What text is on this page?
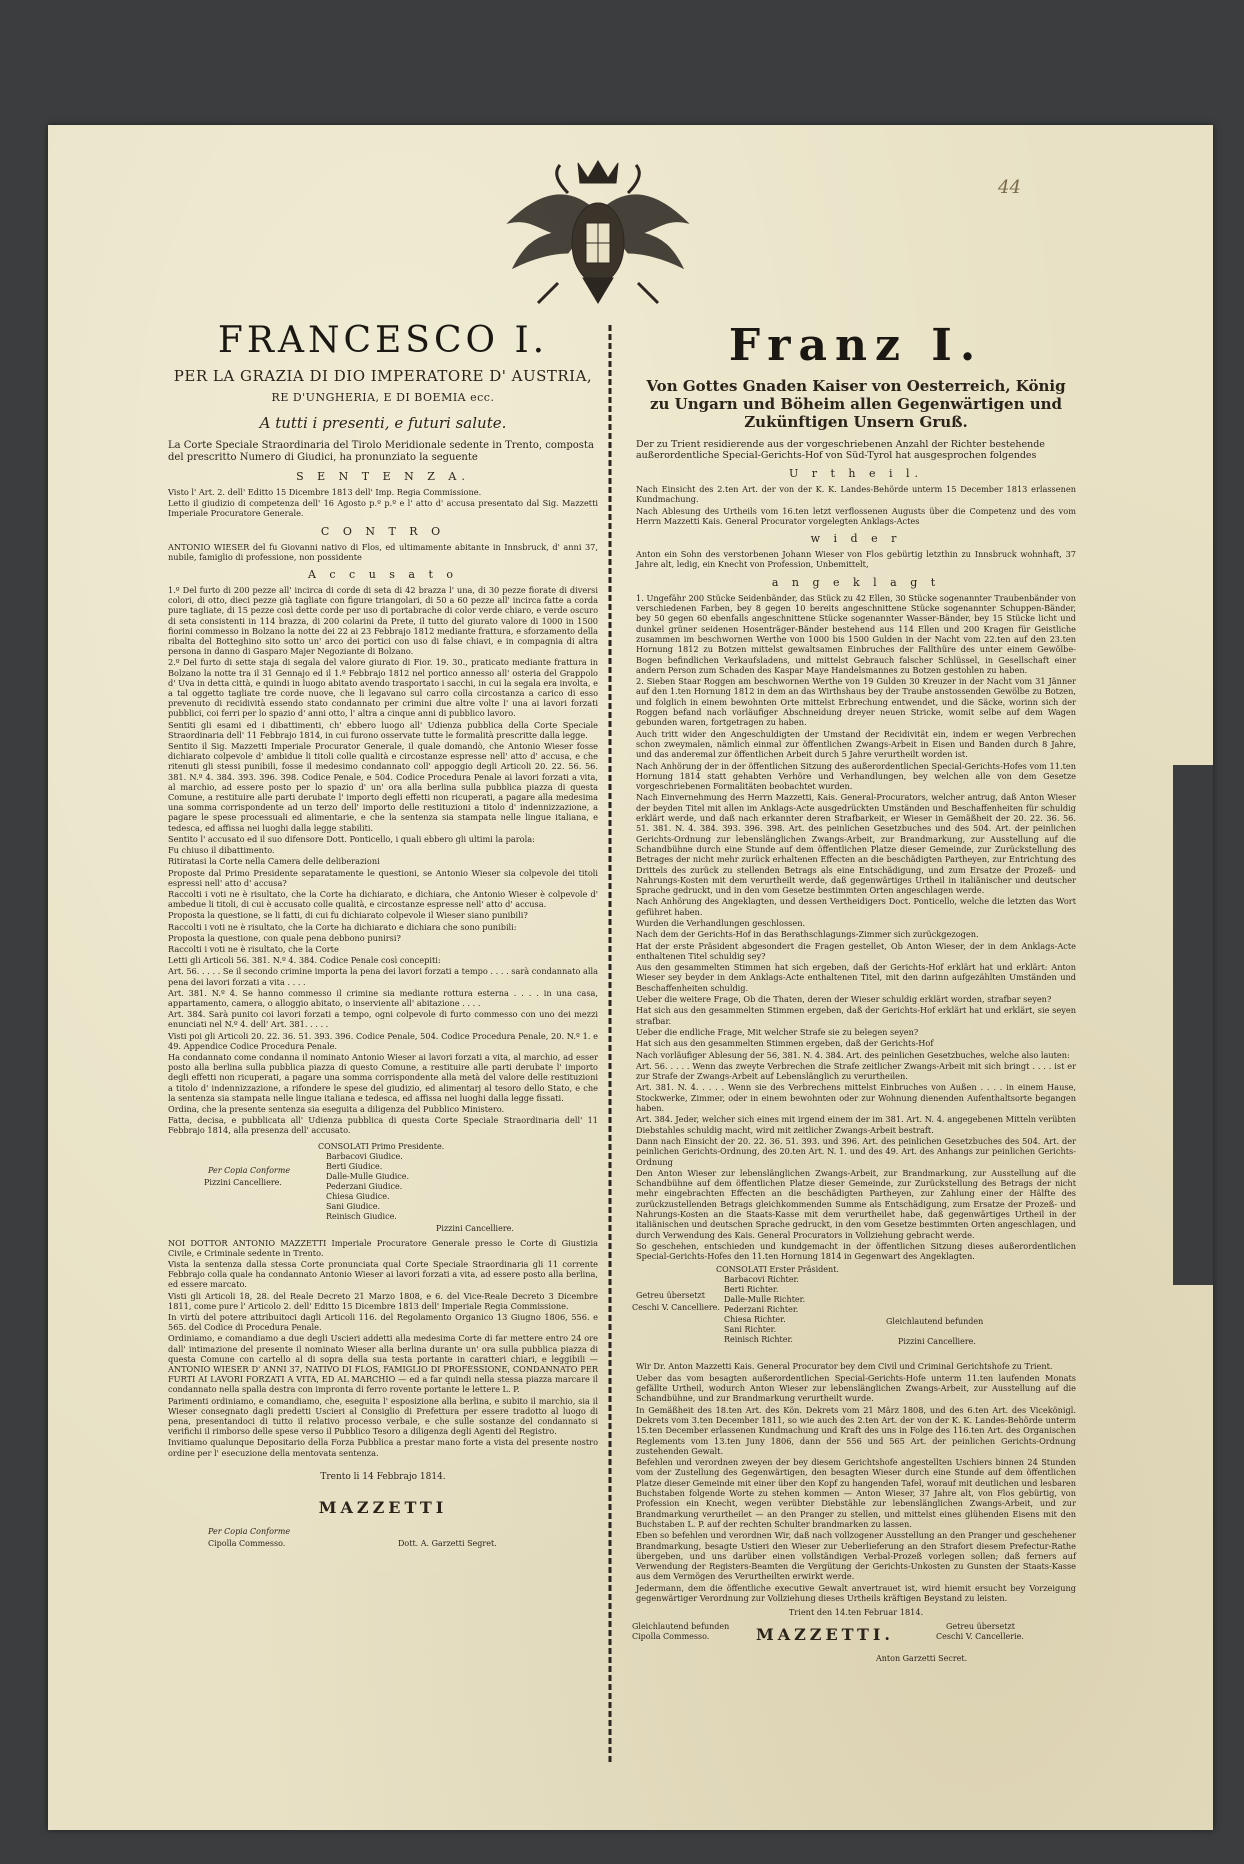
44
FRANCESCO I.

PER LA GRAZIA DI DIO IMPERATORE D' AUSTRIA,

RE D'UNGHERIA, E DI BOEMIA ecc.

A tutti i presenti, e futuri salute.

La Corte Speciale Straordinaria del Tirolo Meridionale sedente in Trento, composta del prescritto Numero di Giudici, ha pronunziato la seguente

S E N T E N Z A.

Visto l' Art. 2. dell' Editto 15 Dicembre 1813 dell' Imp. Regia Commissione.

Letto il giudizio di competenza dell' 16 Agosto p.º p.º e l' atto d' accusa presentato dal Sig. Mazzetti Imperiale Procuratore Generale.

C O N T R O

ANTONIO WIESER del fu Giovanni nativo di Flos, ed ultimamente abitante in Innsbruck, d' anni 37, nubile, famiglio di professione, non possidente

A c c u s a t o

1.º Del furto di 200 pezze all' incirca di corde di seta di 42 brazza l' una, di 30 pezze fiorate di diversi colori, di otto, dieci pezze già tagliate con figure triangolari, di 50 a 60 pezze all' incirca fatte a corda pure tagliate, di 15 pezze così dette corde per uso di portabrache di color verde chiaro, e verde oscuro di seta consistenti in 114 brazza, di 200 colarini da Prete, il tutto del giurato valore di 1000 in 1500 fiorini commesso in Bolzano la notte dei 22 ai 23 Febbrajo 1812 mediante frattura, e sforzamento della ribalta del Botteghino sito sotto un' arco dei portici con uso di false chiavi, e in compagnia di altra persona in danno di Gasparo Majer Negoziante di Bolzano.

2.º Del furto di sette staja di segala del valore giurato di Fior. 19. 30., praticato mediante frattura in Bolzano la notte tra il 31 Gennajo ed il 1.º Febbrajo 1812 nel portico annesso all' osteria del Grappolo d' Uva in detta città, e quindi in luogo abitato avendo trasportato i sacchi, in cui la segala era involta, e a tal oggetto tagliate tre corde nuove, che li legavano sul carro colla circostanza a carico di esso prevenuto di recidività essendo stato condannato per crimini due altre volte l' una ai lavori forzati pubblici, coi ferri per lo spazio d' anni otto, l' altra a cinque anni di pubblico lavoro.

Sentiti gli esami ed i dibattimenti, ch' ebbero luogo all' Udienza pubblica della Corte Speciale Straordinaria dell' 11 Febbrajo 1814, in cui furono osservate tutte le formalità prescritte dalla legge.

Sentito il Sig. Mazzetti Imperiale Procurator Generale, il quale domandò, che Antonio Wieser fosse dichiarato colpevole d' ambidue li titoli colle qualità e circostanze espresse nell' atto d' accusa, e che ritenuti gli stessi punibili, fosse il medesimo condannato coll' appoggio degli Articoli 20. 22. 56. 56. 381. N.º 4. 384. 393. 396. 398. Codice Penale, e 504. Codice Procedura Penale ai lavori forzati a vita, al marchio, ad essere posto per lo spazio d' un' ora alla berlina sulla pubblica piazza di questa Comune, a restituire alle parti derubate l' importo degli effetti non ricuperati, a pagare alla medesima una somma corrispondente ad un terzo dell' importo delle restituzioni a titolo d' indennizzazione, a pagare le spese processuali ed alimentarie, e che la sentenza sia stampata nelle lingue italiana, e tedesca, ed affissa nei luoghi dalla legge stabiliti.

Sentito l' accusato ed il suo difensore Dott. Ponticello, i quali ebbero gli ultimi la parola:

Fu chiuso il dibattimento.

Ritiratasi la Corte nella Camera delle deliberazioni

Proposte dal Primo Presidente separatamente le questioni, se Antonio Wieser sia colpevole dei titoli espressi nell' atto d' accusa?

Raccolti i voti ne è risultato, che la Corte ha dichiarato, e dichiara, che Antonio Wieser è colpevole d' ambedue li titoli, di cui è accusato colle qualità, e circostanze espresse nell' atto d' accusa.

Proposta la questione, se li fatti, di cui fu dichiarato colpevole il Wieser siano punibili?

Raccolti i voti ne è risultato, che la Corte ha dichiarato e dichiara che sono punibili:

Proposta la questione, con quale pena debbono punirsi?

Raccolti i voti ne è risultato, che la Corte

Letti gli Articoli 56. 381. N.º 4. 384. Codice Penale così concepiti:

Art. 56. . . . . Se il secondo crimine importa la pena dei lavori forzati a tempo . . . . sarà condannato alla pena dei lavori forzati a vita . . . .

Art. 381. N.º 4. Se hanno commesso il crimine sia mediante rottura esterna . . . . in una casa, appartamento, camera, o alloggio abitato, o inserviente all' abitazione . . . .

Art. 384. Sarà punito coi lavori forzati a tempo, ogni colpevole di furto commesso con uno dei mezzi enunciati nel N.º 4. dell' Art. 381. . . . .

Visti poi gli Articoli 20. 22. 36. 51. 393. 396. Codice Penale, 504. Codice Procedura Penale, 20. N.º 1. e 49. Appendice Codice Procedura Penale.

Ha condannato come condanna il nominato Antonio Wieser ai lavori forzati a vita, al marchio, ad esser posto alla berlina sulla pubblica piazza di questo Comune, a restituire alle parti derubate l' importo degli effetti non ricuperati, a pagare una somma corrispondente alla metà del valore delle restituzioni a titolo d' indennizzazione, a rifondere le spese del giudizio, ed alimentarj al tesoro dello Stato, e che la sentenza sia stampata nelle lingue italiana e tedesca, ed affissa nei luoghi dalla legge fissati.

Ordina, che la presente sentenza sia eseguita a diligenza del Pubblico Ministero.

Fatta, decisa, e pubblicata all' Udienza pubblica di questa Corte Speciale Straordinaria dell' 11 Febbrajo 1814, alla presenza dell' accusato.

CONSOLATI Primo Presidente.
Barbacovi Giudice.
Berti Giudice.
Per Copia Conforme
Dalle-Mulle Giudice.
Pizzini Cancelliere.	Pederzani Giudice.
Chiesa Giudice.
Sani Giudice.
Reinisch Giudice.
Pizzini Cancelliere.

NOI DOTTOR ANTONIO MAZZETTI Imperiale Procuratore Generale presso le Corte di Giustizia Civile, e Criminale sedente in Trento.

Vista la sentenza dalla stessa Corte pronunciata qual Corte Speciale Straordinaria gli 11 corrente Febbrajo colla quale ha condannato Antonio Wieser ai lavori forzati a vita, ad essere posto alla berlina, ed essere marcato.

Visti gli Articoli 18, 28. del Reale Decreto 21 Marzo 1808, e 6. del Vice-Reale Decreto 3 Dicembre 1811, come pure l' Articolo 2. dell' Editto 15 Dicembre 1813 dell' Imperiale Regia Commissione.

In virtù del potere attribuitoci dagli Articoli 116. del Regolamento Organico 13 Giugno 1806, 556. e 565. del Codice di Procedura Penale.

Ordiniamo, e comandiamo a due degli Uscieri addetti alla medesima Corte di far mettere entro 24 ore dall' intimazione del presente il nominato Wieser alla berlina durante un' ora sulla pubblica piazza di questa Comune con cartello al di sopra della sua testa portante in caratteri chiari, e leggibili — ANTONIO WIESER D' ANNI 37, NATIVO DI FLOS, FAMIGLIO DI PROFESSIONE, CONDANNATO PER FURTI AI LAVORI FORZATI A VITA, ED AL MARCHIO — ed a far quindi nella stessa piazza marcare il condannato nella spalla destra con impronta di ferro rovente portante le lettere L. P.

Parimenti ordiniamo, e comandiamo, che, eseguita l' esposizione alla berlina, e subito il marchio, sia il Wieser consegnato dagli predetti Uscieri al Consiglio di Prefettura per essere tradotto al luogo di pena, presentandoci di tutto il relativo processo verbale, e che sulle sostanze del condannato si verifichi il rimborso delle spese verso il Pubblico Tesoro a diligenza degli Agenti del Registro.

Invitiamo qualunque Depositario della Forza Pubblica a prestar mano forte a vista del presente nostro ordine per l' esecuzione della mentovata sentenza.

Trento li 14 Febbrajo 1814.

MAZZETTI
Per Copia Conforme
Cipolla Commesso.	Dott. A. Garzetti Segret.
Franz I.

Von Gottes Gnaden Kaiser von Oesterreich, König zu Ungarn und Böheim allen Gegenwärtigen und Zukünftigen Unsern Gruß.

Der zu Trient residierende aus der vorgeschriebenen Anzahl der Richter bestehende außerordentliche Special-Gerichts-Hof von Süd-Tyrol hat ausgesprochen folgendes

U r t h e i l.

Nach Einsicht des 2.ten Art. der von der K. K. Landes-Behörde unterm 15 December 1813 erlassenen Kundmachung.

Nach Ablesung des Urtheils vom 16.ten letzt verflossenen Augusts über die Competenz und des vom Herrn Mazzetti Kais. General Procurator vorgelegten Anklags-Actes

w i d e r

Anton ein Sohn des verstorbenen Johann Wieser von Flos gebürtig letzthin zu Innsbruck wohnhaft, 37 Jahre alt, ledig, ein Knecht von Profession, Unbemittelt,

a n g e k l a g t

1. Ungefähr 200 Stücke Seidenbänder, das Stück zu 42 Ellen, 30 Stücke sogenannter Traubenbänder von verschiedenen Farben, bey 8 gegen 10 bereits angeschnittene Stücke sogenannter Schuppen-Bänder, bey 50 gegen 60 ebenfalls angeschnittene Stücke sogenannter Wasser-Bänder, bey 15 Stücke licht und dunkel grüner seidenen Hosenträger-Bänder bestehend aus 114 Ellen und 200 Kragen für Geistliche zusammen im beschwornen Werthe von 1000 bis 1500 Gulden in der Nacht vom 22.ten auf den 23.ten Hornung 1812 zu Botzen mittelst gewaltsamen Einbruches der Fallthüre des unter einem Gewölbe-Bogen befindlichen Verkaufsladens, und mittelst Gebrauch falscher Schlüssel, in Gesellschaft einer andern Person zum Schaden des Kaspar Maye Handelsmannes zu Botzen gestohlen zu haben.

2. Sieben Staar Roggen am beschwornen Werthe von 19 Gulden 30 Kreuzer in der Nacht vom 31 Jänner auf den 1.ten Hornung 1812 in dem an das Wirthshaus bey der Traube anstossenden Gewölbe zu Botzen, und folglich in einem bewohnten Orte mittelst Erbrechung entwendet, und die Säcke, worinn sich der Roggen befand nach vorläufiger Abschneidung dreyer neuen Stricke, womit selbe auf dem Wagen gebunden waren, fortgetragen zu haben.

Auch tritt wider den Angeschuldigten der Umstand der Recidivität ein, indem er wegen Verbrechen schon zweymalen, nämlich einmal zur öffentlichen Zwangs-Arbeit in Eisen und Banden durch 8 Jahre, und das anderemal zur öffentlichen Arbeit durch 5 Jahre verurtheilt worden ist.

Nach Anhörung der in der öffentlichen Sitzung des außerordentlichen Special-Gerichts-Hofes vom 11.ten Hornung 1814 statt gehabten Verhöre und Verhandlungen, bey welchen alle von dem Gesetze vorgeschriebenen Formalitäten beobachtet wurden.

Nach Einvernehmung des Herrn Mazzetti, Kais. General-Procurators, welcher antrug, daß Anton Wieser der beyden Titel mit allen im Anklags-Acte ausgedrückten Umständen und Beschaffenheiten für schuldig erklärt werde, und daß nach erkannter deren Strafbarkeit, er Wieser in Gemäßheit der 20. 22. 36. 56. 51. 381. N. 4. 384. 393. 396. 398. Art. des peinlichen Gesetzbuches und des 504. Art. der peinlichen Gerichts-Ordnung zur lebenslänglichen Zwangs-Arbeit, zur Brandmarkung, zur Ausstellung auf die Schandbühne durch eine Stunde auf dem öffentlichen Platze dieser Gemeinde, zur Zurückstellung des Betrages der nicht mehr zurück erhaltenen Effecten an die beschädigten Partheyen, zur Entrichtung des Drittels des zurück zu stellenden Betrags als eine Entschädigung, und zum Ersatze der Prozeß- und Nahrungs-Kosten mit dem verurtheilt werde, daß gegenwärtiges Urtheil in italiänischer und deutscher Sprache gedruckt, und in den vom Gesetze bestimmten Orten angeschlagen werde.

Nach Anhörung des Angeklagten, und dessen Vertheidigers Doct. Ponticello, welche die letzten das Wort geführet haben.

Wurden die Verhandlungen geschlossen.

Nach dem der Gerichts-Hof in das Berathschlagungs-Zimmer sich zurückgezogen.

Hat der erste Präsident abgesondert die Fragen gestellet, Ob Anton Wieser, der in dem Anklags-Acte enthaltenen Titel schuldig sey?

Aus den gesammelten Stimmen hat sich ergeben, daß der Gerichts-Hof erklärt hat und erklärt: Anton Wieser sey beyder in dem Anklags-Acte enthaltenen Titel, mit den darinn aufgezählten Umständen und Beschaffenheiten schuldig.

Ueber die weitere Frage, Ob die Thaten, deren der Wieser schuldig erklärt worden, strafbar seyen?

Hat sich aus den gesammelten Stimmen ergeben, daß der Gerichts-Hof erklärt hat und erklärt, sie seyen strafbar.

Ueber die endliche Frage, Mit welcher Strafe sie zu belegen seyen?

Hat sich aus den gesammelten Stimmen ergeben, daß der Gerichts-Hof

Nach vorläufiger Ablesung der 56, 381. N. 4. 384. Art. des peinlichen Gesetzbuches, welche also lauten:

Art. 56. . . . . Wenn das zweyte Verbrechen die Strafe zeitlicher Zwangs-Arbeit mit sich bringt . . . . ist er zur Strafe der Zwangs-Arbeit auf Lebenslänglich zu verurtheilen.

Art. 381. N. 4. . . . . Wenn sie des Verbrechens mittelst Einbruches von Außen . . . . in einem Hause, Stockwerke, Zimmer, oder in einem bewohnten oder zur Wohnung dienenden Aufenthaltsorte begangen haben.

Art. 384. Jeder, welcher sich eines mit irgend einem der im 381. Art. N. 4. angegebenen Mitteln verübten Diebstahles schuldig macht, wird mit zeitlicher Zwangs-Arbeit bestraft.

Dann nach Einsicht der 20. 22. 36. 51. 393. und 396. Art. des peinlichen Gesetzbuches des 504. Art. der peinlichen Gerichts-Ordnung, des 20.ten Art. N. 1. und des 49. Art. des Anhangs zur peinlichen Gerichts-Ordnung

Den Anton Wieser zur lebenslänglichen Zwangs-Arbeit, zur Brandmarkung, zur Ausstellung auf die Schandbühne auf dem öffentlichen Platze dieser Gemeinde, zur Zurückstellung des Betrags der nicht mehr eingebrachten Effecten an die beschädigten Partheyen, zur Zahlung einer der Hälfte des zurückzustellenden Betrags gleichkommenden Summe als Entschädigung, zum Ersatze der Prozeß- und Nahrungs-Kosten an die Staats-Kasse mit dem verurtheilet habe, daß gegenwärtiges Urtheil in der italiänischen und deutschen Sprache gedruckt, in den vom Gesetze bestimmten Orten angeschlagen, und durch Verwendung des Kais. General Procurators in Vollziehung gebracht werde.

So geschehen, entschieden und kundgemacht in der öffentlichen Sitzung dieses außerordentlichen Special-Gerichts-Hofes den 11.ten Hornung 1814 in Gegenwart des Angeklagten.

CONSOLATI Erster Präsident.
Barbacovi Richter.
Berti Richter.
Getreu übersetzt Dalle-Mulle Richter.
Ceschi V. Cancelliere. Pederzani Richter.
Chiesa Richter.	Gleichlautend befunden
Sani Richter.
Reinisch Richter.	Pizzini Cancelliere.

Wir Dr. Anton Mazzetti Kais. General Procurator bey dem Civil und Criminal Gerichtshofe zu Trient.

Ueber das vom besagten außerordentlichen Special-Gerichts-Hofe unterm 11.ten laufenden Monats gefällte Urtheil, wodurch Anton Wieser zur lebenslänglichen Zwangs-Arbeit, zur Ausstellung auf die Schandbühne, und zur Brandmarkung verurtheilt wurde.

In Gemäßheit des 18.ten Art. des Kön. Dekrets vom 21 März 1808, und des 6.ten Art. des Vicekönigl. Dekrets vom 3.ten December 1811, so wie auch des 2.ten Art. der von der K. K. Landes-Behörde unterm 15.ten December erlassenen Kundmachung und Kraft des uns in Folge des 116.ten Art. des Organischen Reglements vom 13.ten Juny 1806, dann der 556 und 565 Art. der peinlichen Gerichts-Ordnung zustehenden Gewalt.

Befehlen und verordnen zweyen der bey diesem Gerichtshofe angestellten Uschiers binnen 24 Stunden vom der Zustellung des Gegenwärtigen, den besagten Wieser durch eine Stunde auf dem öffentlichen Platze dieser Gemeinde mit einer über den Kopf zu hangenden Tafel, worauf mit deutlichen und lesbaren Buchstaben folgende Worte zu stehen kommen — Anton Wieser, 37 Jahre alt, von Flos gebürtig, von Profession ein Knecht, wegen verübter Diebstähle zur lebenslänglichen Zwangs-Arbeit, und zur Brandmarkung verurtheilet — an den Pranger zu stellen, und mittelst eines glühenden Eisens mit den Buchstaben L. P. auf der rechten Schulter brandmarken zu lassen.

Eben so befehlen und verordnen Wir, daß nach vollzogener Ausstellung an den Pranger und geschehener Brandmarkung, besagte Ustieri den Wieser zur Ueberlieferung an den Strafort diesem Prefectur-Rathe übergeben, und uns darüber einen vollständigen Verbal-Prozeß vorlegen sollen; daß ferners auf Verwendung der Registers-Beamten die Vergütung der Gerichts-Unkosten zu Gunsten der Staats-Kasse aus dem Vermögen des Verurtheilten erwirkt werde.

Jedermann, dem die öffentliche executive Gewalt anvertrauet ist, wird hiemit ersucht bey Vorzeigung gegenwärtiger Verordnung zur Vollziehung dieses Urtheils kräftigen Beystand zu leisten.

Trient den 14.ten Februar 1814.

Gleichlautend befunden
Cipolla Commesso.	MAZZETTI.	Getreu übersetzt
Ceschi V. Cancellerie.
Anton Garzetti Secret.
